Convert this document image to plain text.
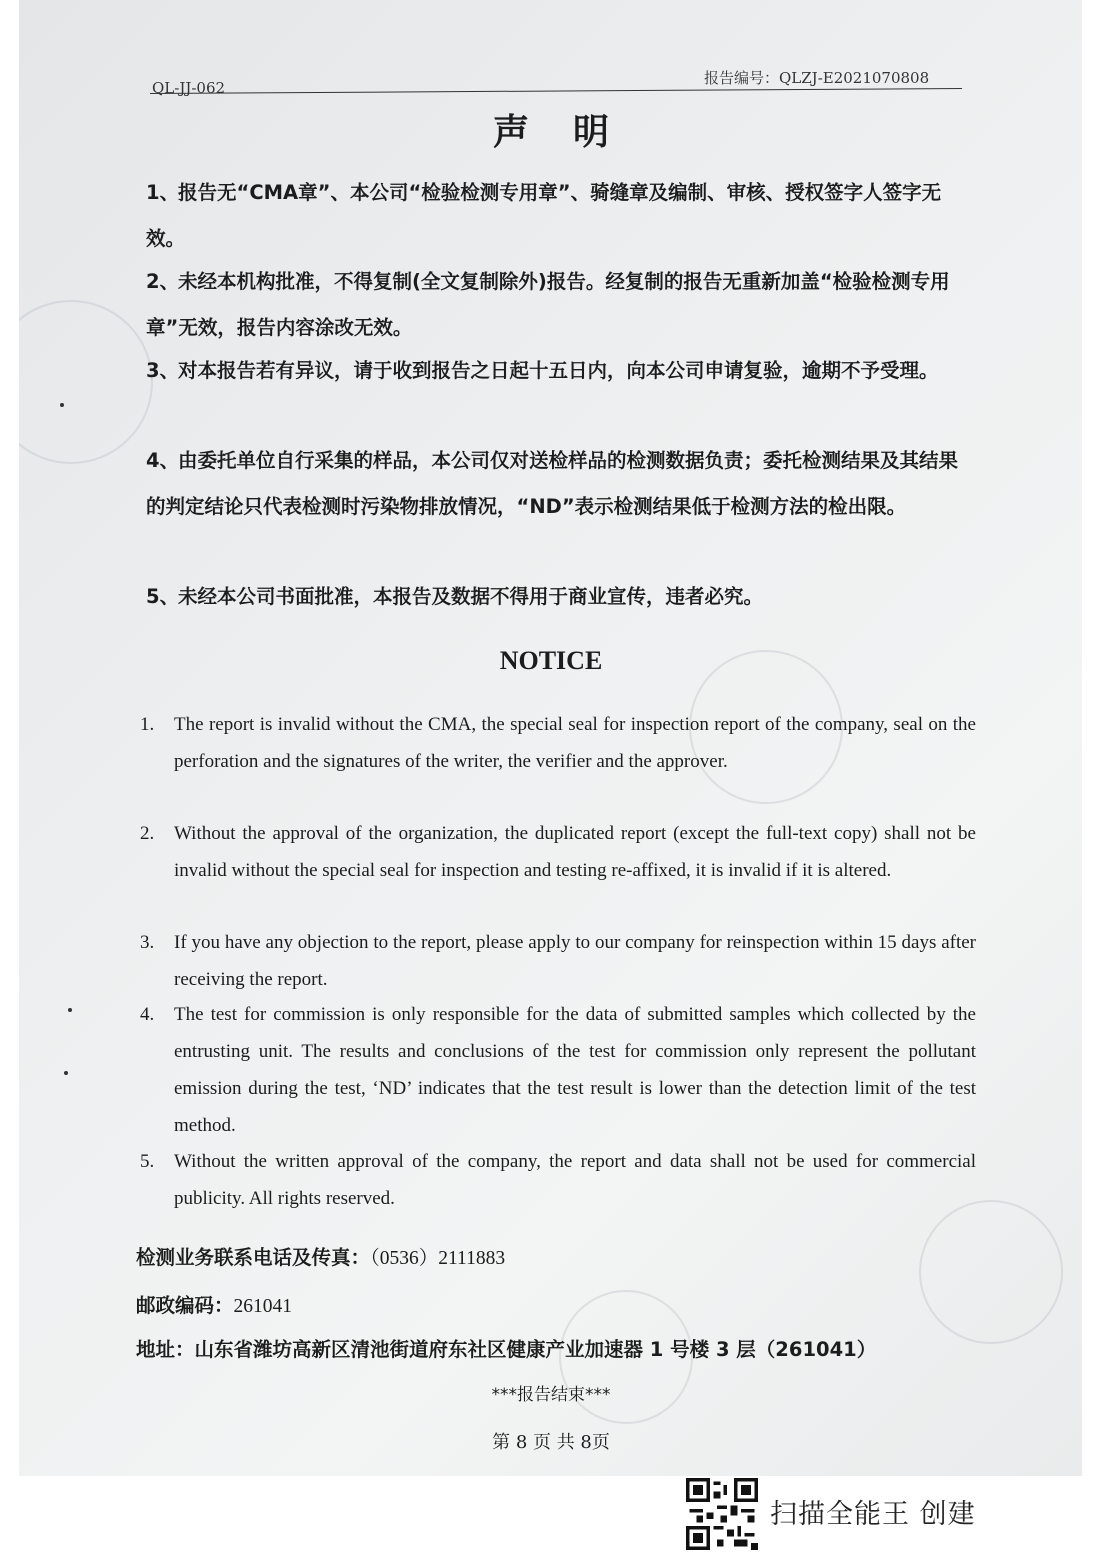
QL-JJ-062
报告编号：QLZJ-E2021070808
声明
1、报告无“CMA章”、本公司“检验检测专用章”、骑缝章及编制、审核、授权签字人签字无效。
2、未经本机构批准，不得复制(全文复制除外)报告。经复制的报告无重新加盖“检验检测专用章”无效，报告内容涂改无效。
3、对本报告若有异议，请于收到报告之日起十五日内，向本公司申请复验，逾期不予受理。
4、由委托单位自行采集的样品，本公司仅对送检样品的检测数据负责；委托检测结果及其结果的判定结论只代表检测时污染物排放情况，“ND”表示检测结果低于检测方法的检出限。
5、未经本公司书面批准，本报告及数据不得用于商业宣传，违者必究。
NOTICE
1. The report is invalid without the CMA, the special seal for inspection report of the company, seal on the perforation and the signatures of the writer, the verifier and the approver.
2. Without the approval of the organization, the duplicated report (except the full-text copy) shall not be invalid without the special seal for inspection and testing re-affixed, it is invalid if it is altered.
3. If you have any objection to the report, please apply to our company for reinspection within 15 days after receiving the report.
4. The test for commission is only responsible for the data of submitted samples which collected by the entrusting unit. The results and conclusions of the test for commission only represent the pollutant emission during the test, ‘ND’ indicates that the test result is lower than the detection limit of the test method.
5. Without the written approval of the company, the report and data shall not be used for commercial publicity. All rights reserved.
检测业务联系电话及传真：（0536）2111883
邮政编码：261041
地址：山东省潍坊高新区清池街道府东社区健康产业加速器 1 号楼 3 层（261041）
***报告结束***
第 8 页 共 8页
扫描全能王 创建
